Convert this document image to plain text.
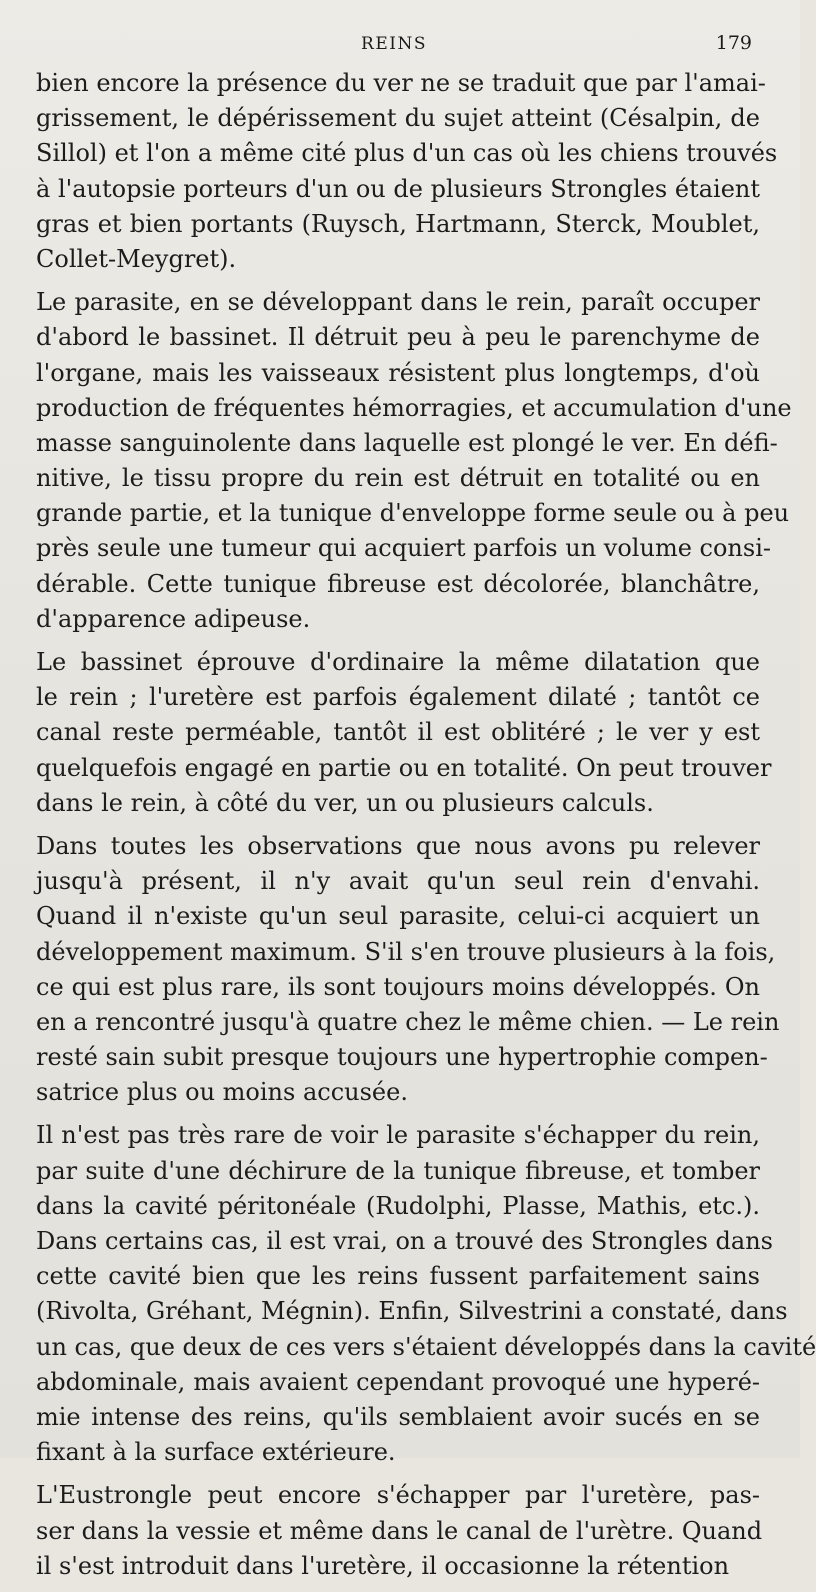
REINS	179
bien encore la présence du ver ne se traduit que par l'amai-
grissement, le dépérissement du sujet atteint (Césalpin, de
Sillol) et l'on a même cité plus d'un cas où les chiens trouvés
à l'autopsie porteurs d'un ou de plusieurs Strongles étaient
gras et bien portants (Ruysch, Hartmann, Sterck, Moublet,
Collet-Meygret).
Le parasite, en se développant dans le rein, paraît occuper
d'abord le bassinet. Il détruit peu à peu le parenchyme de
l'organe, mais les vaisseaux résistent plus longtemps, d'où
production de fréquentes hémorragies, et accumulation d'une
masse sanguinolente dans laquelle est plongé le ver. En défi-
nitive, le tissu propre du rein est détruit en totalité ou en
grande partie, et la tunique d'enveloppe forme seule ou à peu
près seule une tumeur qui acquiert parfois un volume consi-
dérable. Cette tunique fibreuse est décolorée, blanchâtre,
d'apparence adipeuse.
Le bassinet éprouve d'ordinaire la même dilatation que
le rein ; l'uretère est parfois également dilaté ; tantôt ce
canal reste perméable, tantôt il est oblitéré ; le ver y est
quelquefois engagé en partie ou en totalité. On peut trouver
dans le rein, à côté du ver, un ou plusieurs calculs.
Dans toutes les observations que nous avons pu relever
jusqu'à présent, il n'y avait qu'un seul rein d'envahi.
Quand il n'existe qu'un seul parasite, celui-ci acquiert un
développement maximum. S'il s'en trouve plusieurs à la fois,
ce qui est plus rare, ils sont toujours moins développés. On
en a rencontré jusqu'à quatre chez le même chien. — Le rein
resté sain subit presque toujours une hypertrophie compen-
satrice plus ou moins accusée.
Il n'est pas très rare de voir le parasite s'échapper du rein,
par suite d'une déchirure de la tunique fibreuse, et tomber
dans la cavité péritonéale (Rudolphi, Plasse, Mathis, etc.).
Dans certains cas, il est vrai, on a trouvé des Strongles dans
cette cavité bien que les reins fussent parfaitement sains
(Rivolta, Gréhant, Mégnin). Enfin, Silvestrini a constaté, dans
un cas, que deux de ces vers s'étaient développés dans la cavité
abdominale, mais avaient cependant provoqué une hyperé-
mie intense des reins, qu'ils semblaient avoir sucés en se
fixant à la surface extérieure.
L'Eustrongle peut encore s'échapper par l'uretère, pas-
ser dans la vessie et même dans le canal de l'urètre. Quand
il s'est introduit dans l'uretère, il occasionne la rétention
